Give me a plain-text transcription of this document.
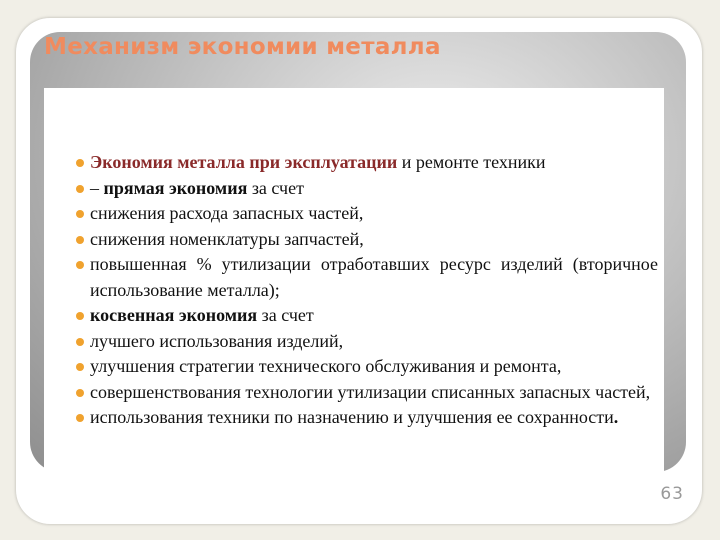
Механизм экономии металла
Экономия металла при эксплуатации и ремонте техники
– прямая экономия за счет
снижения расхода запасных частей,
снижения номенклатуры запчастей,
повышенная % утилизации отработавших ресурс изделий (вторичное использование металла);
косвенная экономия за счет
лучшего использования изделий,
улучшения стратегии технического обслуживания и ремонта,
совершенствования технологии утилизации списанных запасных частей,
использования техники по назначению и улучшения ее сохранности.
63
